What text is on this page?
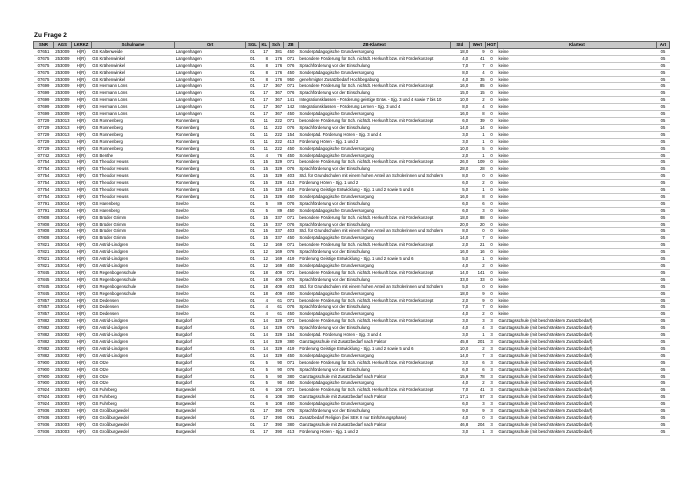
Zu Frage 2
SNR	AGS	LKRKZ	Schulname	Ort	SGL	KL	Sch	ZB	ZB-Klartext	Std	Wert	HGT	Klartext	Art
07651	253009	H(R)	GS Kaltenweide	Langenhagen	01	17	381	450	Sonderpädagogische Grundversorgung	18,0	9	0	keine	05
07675	253009	H(R)	GS Krähenwinkel	Langenhagen	01	8	176	071	besondere Förderung für Sch. nichtdt. Herkunft bzw. mit Förderkonzept	4,0	41	0	keine	05
07675	253009	H(R)	GS Krähenwinkel	Langenhagen	01	8	176	076	Sprachförderung vor der Einschulung	7,0	7	0	keine	05
07675	253009	H(R)	GS Krähenwinkel	Langenhagen	01	8	176	450	Sonderpädagogische Grundversorgung	8,0	4	0	keine	05
07675	253009	H(R)	GS Krähenwinkel	Langenhagen	01	8	176	950	genehmigter Zusatzbedarf Hochbegabung	4,0	35	0	keine	05
07699	253009	H(R)	GS Hermann Löns	Langenhagen	01	17	367	071	besondere Förderung für Sch. nichtdt. Herkunft bzw. mit Förderkonzept	16,0	85	0	keine	05
07699	253009	H(R)	GS Hermann Löns	Langenhagen	01	17	367	076	Sprachförderung vor der Einschulung	15,0	15	0	keine	05
07699	253009	H(R)	GS Hermann Löns	Langenhagen	01	17	367	141	Integrationsklassen - Förderung geistige Entw. - Sjg. 3 und 4 sowie 7 bis 10	10,0	2	0	keine	05
07699	253009	H(R)	GS Hermann Löns	Langenhagen	01	17	367	142	Integrationsklassen - Förderung Lernen - Sjg. 3 und 4	8,0	4	0	keine	05
07699	253009	H(R)	GS Hermann Löns	Langenhagen	01	17	367	450	Sonderpädagogische Grundversorgung	16,0	8	0	keine	05
07729	253013	H(R)	GS Ronnenberg	Ronnenberg	01	11	222	071	besondere Förderung für Sch. nichtdt. Herkunft bzw. mit Förderkonzept	6,0	39	0	keine	05
07729	253013	H(R)	GS Ronnenberg	Ronnenberg	01	11	222	076	Sprachförderung vor der Einschulung	14,0	14	0	keine	05
07729	253013	H(R)	GS Ronnenberg	Ronnenberg	01	11	222	154	Sonderpäd. Förderung Hören - Sjg. 3 und 4	3,0	1	0	keine	05
07729	253013	H(R)	GS Ronnenberg	Ronnenberg	01	11	222	413	Förderung Hören - Sjg. 1 und 2	3,0	1	0	keine	05
07729	253013	H(R)	GS Ronnenberg	Ronnenberg	01	11	222	450	Sonderpädagogische Grundversorgung	10,0	5	0	keine	05
07742	253013	H(R)	GS Benthe	Ronnenberg	01	4	76	450	Sonderpädagogische Grundversorgung	2,0	1	0	keine	05
07754	253013	H(R)	GS Theodor Heuss	Ronnenberg	01	15	329	071	besondere Förderung für Sch. nichtdt. Herkunft bzw. mit Förderkonzept	26,0	109	0	keine	05
07754	253013	H(R)	GS Theodor Heuss	Ronnenberg	01	15	329	076	Sprachförderung vor der Einschulung	28,0	28	0	keine	05
07754	253013	H(R)	GS Theodor Heuss	Ronnenberg	01	15	329	403	Std. für Grundschulen mit einem hohen Anteil an Schülerinnen und Schülern	8,0	0	0	keine	05
07754	253013	H(R)	GS Theodor Heuss	Ronnenberg	01	15	329	413	Förderung Hören - Sjg. 1 und 2	6,0	2	0	keine	05
07754	253013	H(R)	GS Theodor Heuss	Ronnenberg	01	15	329	419	Förderung Geistige Entwicklung - Sjg. 1 und 2 sowie 5 und 6	5,0	1	0	keine	05
07754	253013	H(R)	GS Theodor Heuss	Ronnenberg	01	15	329	450	Sonderpädagogische Grundversorgung	16,0	8	0	keine	05
07791	253014	H(R)	GS Harenberg	Seelze	01	5	89	076	Sprachförderung vor der Einschulung	6,0	6	0	keine	05
07791	253014	H(R)	GS Harenberg	Seelze	01	5	89	450	Sonderpädagogische Grundversorgung	6,0	3	0	keine	05
07808	253014	H(R)	GS Brüder Grimm	Seelze	01	15	337	071	besondere Förderung für Sch. nichtdt. Herkunft bzw. mit Förderkonzept	18,0	88	0	keine	05
07808	253014	H(R)	GS Brüder Grimm	Seelze	01	15	337	076	Sprachförderung vor der Einschulung	20,0	20	0	keine	05
07808	253014	H(R)	GS Brüder Grimm	Seelze	01	15	337	403	Std. für Grundschulen mit einem hohen Anteil an Schülerinnen und Schülern	8,0	0	0	keine	05
07808	253014	H(R)	GS Brüder Grimm	Seelze	01	15	337	450	Sonderpädagogische Grundversorgung	14,0	7	0	keine	05
07821	253014	H(R)	GS Astrid-Lindgren	Seelze	01	12	169	071	besondere Förderung für Sch. nichtdt. Herkunft bzw. mit Förderkonzept	2,0	21	0	keine	05
07821	253014	H(R)	GS Astrid-Lindgren	Seelze	01	12	169	076	Sprachförderung vor der Einschulung	16,0	16	0	keine	05
07821	253014	H(R)	GS Astrid-Lindgren	Seelze	01	12	169	419	Förderung Geistige Entwicklung - Sjg. 1 und 2 sowie 5 und 6	5,0	1	0	keine	05
07821	253014	H(R)	GS Astrid-Lindgren	Seelze	01	12	169	450	Sonderpädagogische Grundversorgung	4,0	2	0	keine	05
07845	253014	H(R)	GS Regenbogenschule	Seelze	01	18	409	071	besondere Förderung für Sch. nichtdt. Herkunft bzw. mit Förderkonzept	14,0	141	0	keine	05
07845	253014	H(R)	GS Regenbogenschule	Seelze	01	18	409	076	Sprachförderung vor der Einschulung	33,0	33	0	keine	05
07845	253014	H(R)	GS Regenbogenschule	Seelze	01	18	409	403	Std. für Grundschulen mit einem hohen Anteil an Schülerinnen und Schülern	5,0	0	0	keine	05
07845	253014	H(R)	GS Regenbogenschule	Seelze	01	18	409	450	Sonderpädagogische Grundversorgung	18,0	9	0	keine	05
07857	253014	H(R)	GS Dedensen	Seelze	01	4	61	071	besondere Förderung für Sch. nichtdt. Herkunft bzw. mit Förderkonzept	2,0	9	0	keine	05
07857	253014	H(R)	GS Dedensen	Seelze	01	4	61	076	Sprachförderung vor der Einschulung	7,0	7	0	keine	05
07857	253014	H(R)	GS Dedensen	Seelze	01	4	61	450	Sonderpädagogische Grundversorgung	4,0	2	0	keine	05
07882	253002	H(R)	GS Astrid-Lindgren	Burgdorf	01	14	329	071	besondere Förderung für Sch. nichtdt. Herkunft bzw. mit Förderkonzept	3,0	3	3	Ganztagsschule (mit beschränktem Zusatzbedarf)	05
07882	253002	H(R)	GS Astrid-Lindgren	Burgdorf	01	14	329	076	Sprachförderung vor der Einschulung	4,0	4	3	Ganztagsschule (mit beschränktem Zusatzbedarf)	05
07882	253002	H(R)	GS Astrid-Lindgren	Burgdorf	01	14	329	154	Sonderpäd. Förderung Hören - Sjg. 3 und 4	3,0	1	3	Ganztagsschule (mit beschränktem Zusatzbedarf)	05
07882	253002	H(R)	GS Astrid-Lindgren	Burgdorf	01	14	329	380	Ganztagsschule mit Zusatzbedarf nach Faktor	45,8	201	3	Ganztagsschule (mit beschränktem Zusatzbedarf)	05
07882	253002	H(R)	GS Astrid-Lindgren	Burgdorf	01	14	329	419	Förderung Geistige Entwicklung - Sjg. 1 und 2 sowie 5 und 6	10,0	2	3	Ganztagsschule (mit beschränktem Zusatzbedarf)	05
07882	253002	H(R)	GS Astrid-Lindgren	Burgdorf	01	14	329	450	Sonderpädagogische Grundversorgung	14,0	7	3	Ganztagsschule (mit beschränktem Zusatzbedarf)	05
07900	253002	H(R)	GS Otze	Burgdorf	01	5	90	071	besondere Förderung für Sch. nichtdt. Herkunft bzw. mit Förderkonzept	3,0	6	3	Ganztagsschule (mit beschränktem Zusatzbedarf)	05
07900	253002	H(R)	GS Otze	Burgdorf	01	5	90	076	Sprachförderung vor der Einschulung	6,0	6	3	Ganztagsschule (mit beschränktem Zusatzbedarf)	05
07900	253002	H(R)	GS Otze	Burgdorf	01	5	90	380	Ganztagsschule mit Zusatzbedarf nach Faktor	15,9	78	3	Ganztagsschule (mit beschränktem Zusatzbedarf)	05
07900	253002	H(R)	GS Otze	Burgdorf	01	5	90	450	Sonderpädagogische Grundversorgung	4,0	2	3	Ganztagsschule (mit beschränktem Zusatzbedarf)	05
07924	253003	H(R)	GS Fuhrberg	Burgwedel	01	6	108	071	besondere Förderung für Sch. nichtdt. Herkunft bzw. mit Förderkonzept	7,0	41	3	Ganztagsschule (mit beschränktem Zusatzbedarf)	05
07924	253003	H(R)	GS Fuhrberg	Burgwedel	01	6	108	380	Ganztagsschule mit Zusatzbedarf nach Faktor	17,1	57	3	Ganztagsschule (mit beschränktem Zusatzbedarf)	05
07924	253003	H(R)	GS Fuhrberg	Burgwedel	01	6	108	450	Sonderpädagogische Grundversorgung	6,0	3	3	Ganztagsschule (mit beschränktem Zusatzbedarf)	05
07936	253003	H(R)	GS Großburgwedel	Burgwedel	01	17	390	076	Sprachförderung vor der Einschulung	9,0	9	3	Ganztagsschule (mit beschränktem Zusatzbedarf)	05
07936	253003	H(R)	GS Großburgwedel	Burgwedel	01	17	390	091	Zusatzbedarf Religion (bei SEK II nur Einführungsphase)	4,0	0	3	Ganztagsschule (mit beschränktem Zusatzbedarf)	05
07936	253003	H(R)	GS Großburgwedel	Burgwedel	01	17	390	380	Ganztagsschule mit Zusatzbedarf nach Faktor	46,8	204	3	Ganztagsschule (mit beschränktem Zusatzbedarf)	05
07936	253003	H(R)	GS Großburgwedel	Burgwedel	01	17	390	413	Förderung Hören - Sjg. 1 und 2	3,0	1	3	Ganztagsschule (mit beschränktem Zusatzbedarf)	05
